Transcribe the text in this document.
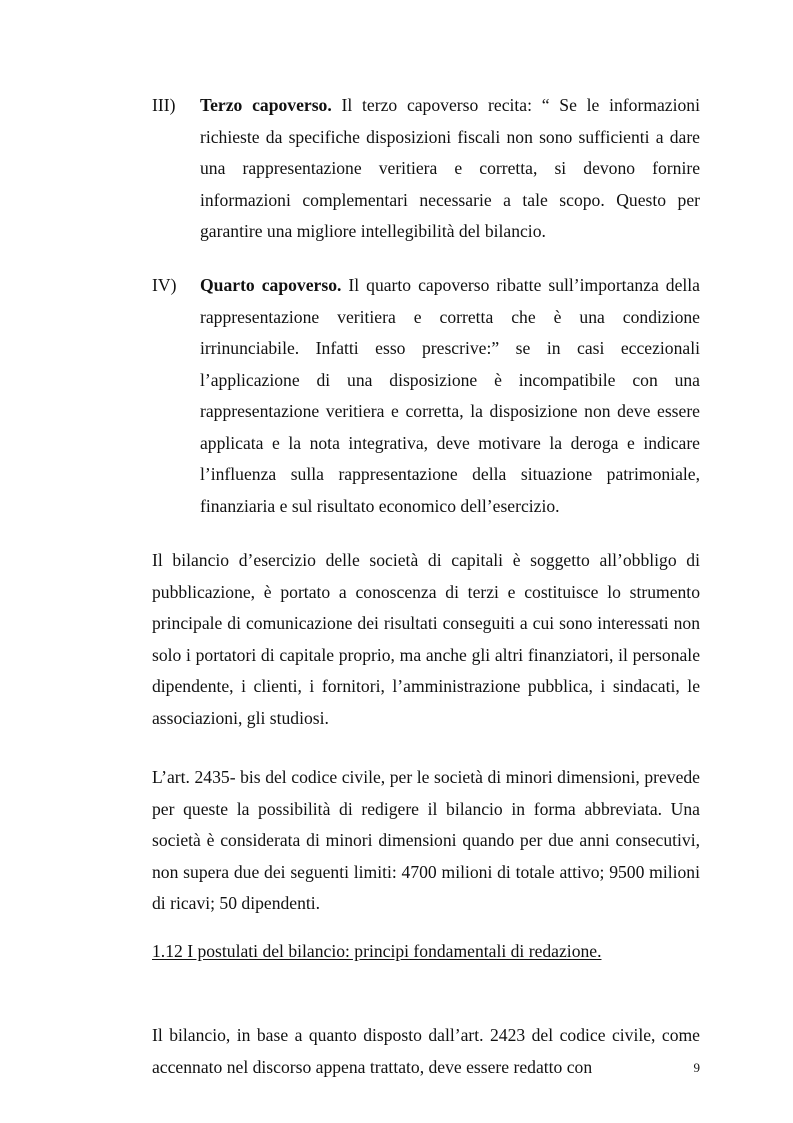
III)	Terzo capoverso. Il terzo capoverso recita: “ Se le informazioni richieste da specifiche disposizioni fiscali non sono sufficienti a dare una rappresentazione veritiera e corretta, si devono fornire informazioni complementari necessarie a tale scopo. Questo per garantire una migliore intellegibilità del bilancio.
IV)	Quarto capoverso. Il quarto capoverso ribatte sull’importanza della rappresentazione veritiera e corretta che è una condizione irrinunciabile. Infatti esso prescrive:” se in casi eccezionali l’applicazione di una disposizione è incompatibile con una rappresentazione veritiera e corretta, la disposizione non deve essere applicata e la nota integrativa, deve motivare la deroga e indicare l’influenza sulla rappresentazione della situazione patrimoniale, finanziaria e sul risultato economico dell’esercizio.

Il bilancio d’esercizio delle società di capitali è soggetto all’obbligo di pubblicazione, è portato a conoscenza di terzi e costituisce lo strumento principale di comunicazione dei risultati conseguiti a cui sono interessati non solo i portatori di capitale proprio, ma anche gli altri finanziatori, il personale dipendente, i clienti, i fornitori, l’amministrazione pubblica, i sindacati, le associazioni, gli studiosi.

L’art. 2435- bis del codice civile, per le società di minori dimensioni, prevede per queste la possibilità di redigere il bilancio in forma abbreviata. Una società è considerata di minori dimensioni quando per due anni consecutivi, non supera due dei seguenti limiti: 4700 milioni di totale attivo; 9500 milioni di ricavi; 50 dipendenti.

1.12 I postulati del bilancio: principi fondamentali di redazione.

Il bilancio, in base a quanto disposto dall’art. 2423 del codice civile, come accennato nel discorso appena trattato, deve essere redatto con	9
